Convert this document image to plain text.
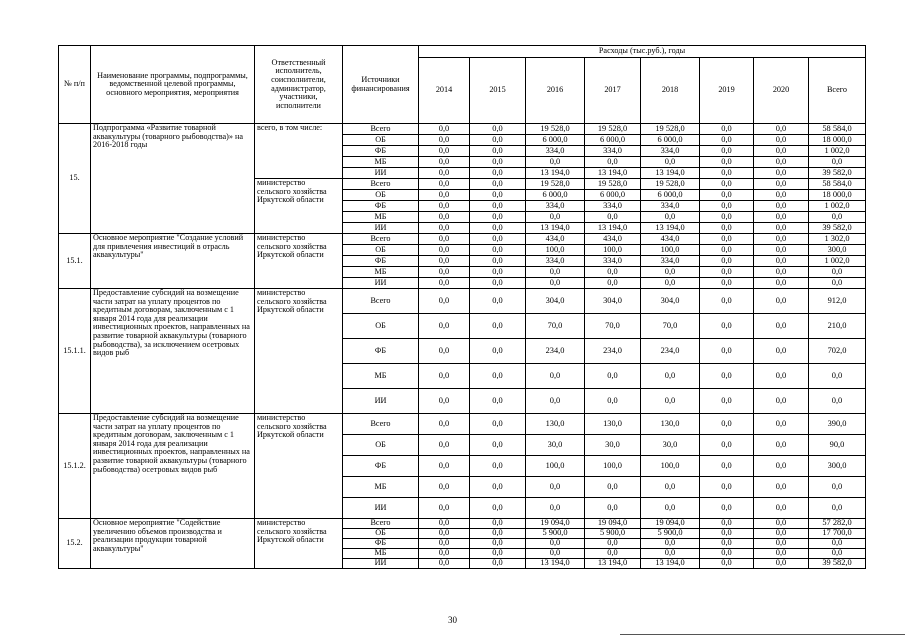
№ п/п	Наименование программы, подпрограммы, ведомственной целевой программы, основного мероприятия, мероприятия	Ответственный исполнитель, соисполнители, администратор, участники, исполнители	Источники финансирования	Расходы (тыс.руб.), годы							
				2014	2015	2016	2017	2018	2019	2020	Всего
15.	Подпрограмма «Развитие товарной аквакультуры (товарного рыбоводства)» на 2016-2018 годы	всего, в том числе:	Всего	0,0	0,0	19 528,0	19 528,0	19 528,0	0,0	0,0	58 584,0
			ОБ	0,0	0,0	6 000,0	6 000,0	6 000,0	0,0	0,0	18 000,0
			ФБ	0,0	0,0	334,0	334,0	334,0	0,0	0,0	1 002,0
			МБ	0,0	0,0	0,0	0,0	0,0	0,0	0,0	0,0
			ИИ	0,0	0,0	13 194,0	13 194,0	13 194,0	0,0	0,0	39 582,0
		министерство сельского хозяйства Иркутской области	Всего	0,0	0,0	19 528,0	19 528,0	19 528,0	0,0	0,0	58 584,0
			ОБ	0,0	0,0	6 000,0	6 000,0	6 000,0	0,0	0,0	18 000,0
			ФБ	0,0	0,0	334,0	334,0	334,0	0,0	0,0	1 002,0
			МБ	0,0	0,0	0,0	0,0	0,0	0,0	0,0	0,0
			ИИ	0,0	0,0	13 194,0	13 194,0	13 194,0	0,0	0,0	39 582,0
15.1.	Основное мероприятие "Создание условий для привлечения инвестиций в отрасль аквакультуры"	министерство сельского хозяйства Иркутской области	Всего	0,0	0,0	434,0	434,0	434,0	0,0	0,0	1 302,0
			ОБ	0,0	0,0	100,0	100,0	100,0	0,0	0,0	300,0
			ФБ	0,0	0,0	334,0	334,0	334,0	0,0	0,0	1 002,0
			МБ	0,0	0,0	0,0	0,0	0,0	0,0	0,0	0,0
			ИИ	0,0	0,0	0,0	0,0	0,0	0,0	0,0	0,0
15.1.1.	Предоставление субсидий на возмещение части затрат на уплату процентов по кредитным договорам, заключенным с 1 января 2014 года для реализации инвестиционных проектов, направленных на развитие товарной аквакультуры (товарного рыбоводства), за исключением осетровых видов рыб	министерство сельского хозяйства Иркутской области	Всего	0,0	0,0	304,0	304,0	304,0	0,0	0,0	912,0
			ОБ	0,0	0,0	70,0	70,0	70,0	0,0	0,0	210,0
			ФБ	0,0	0,0	234,0	234,0	234,0	0,0	0,0	702,0
			МБ	0,0	0,0	0,0	0,0	0,0	0,0	0,0	0,0
			ИИ	0,0	0,0	0,0	0,0	0,0	0,0	0,0	0,0
15.1.2.	Предоставление субсидий на возмещение части затрат на уплату процентов по кредитным договорам, заключенным с 1 января 2014 года для реализации инвестиционных проектов, направленных на развитие товарной аквакультуры (товарного рыбоводства) осетровых видов рыб	министерство сельского хозяйства Иркутской области	Всего	0,0	0,0	130,0	130,0	130,0	0,0	0,0	390,0
			ОБ	0,0	0,0	30,0	30,0	30,0	0,0	0,0	90,0
			ФБ	0,0	0,0	100,0	100,0	100,0	0,0	0,0	300,0
			МБ	0,0	0,0	0,0	0,0	0,0	0,0	0,0	0,0
			ИИ	0,0	0,0	0,0	0,0	0,0	0,0	0,0	0,0
15.2.	Основное мероприятие "Содействие увеличению объемов производства и реализации продукции товарной аквакультуры"	министерство сельского хозяйства Иркутской области	Всего	0,0	0,0	19 094,0	19 094,0	19 094,0	0,0	0,0	57 282,0
			ОБ	0,0	0,0	5 900,0	5 900,0	5 900,0	0,0	0,0	17 700,0
			ФБ	0,0	0,0	0,0	0,0	0,0	0,0	0,0	0,0
			МБ	0,0	0,0	0,0	0,0	0,0	0,0	0,0	0,0
			ИИ	0,0	0,0	13 194,0	13 194,0	13 194,0	0,0	0,0	39 582,0
30
